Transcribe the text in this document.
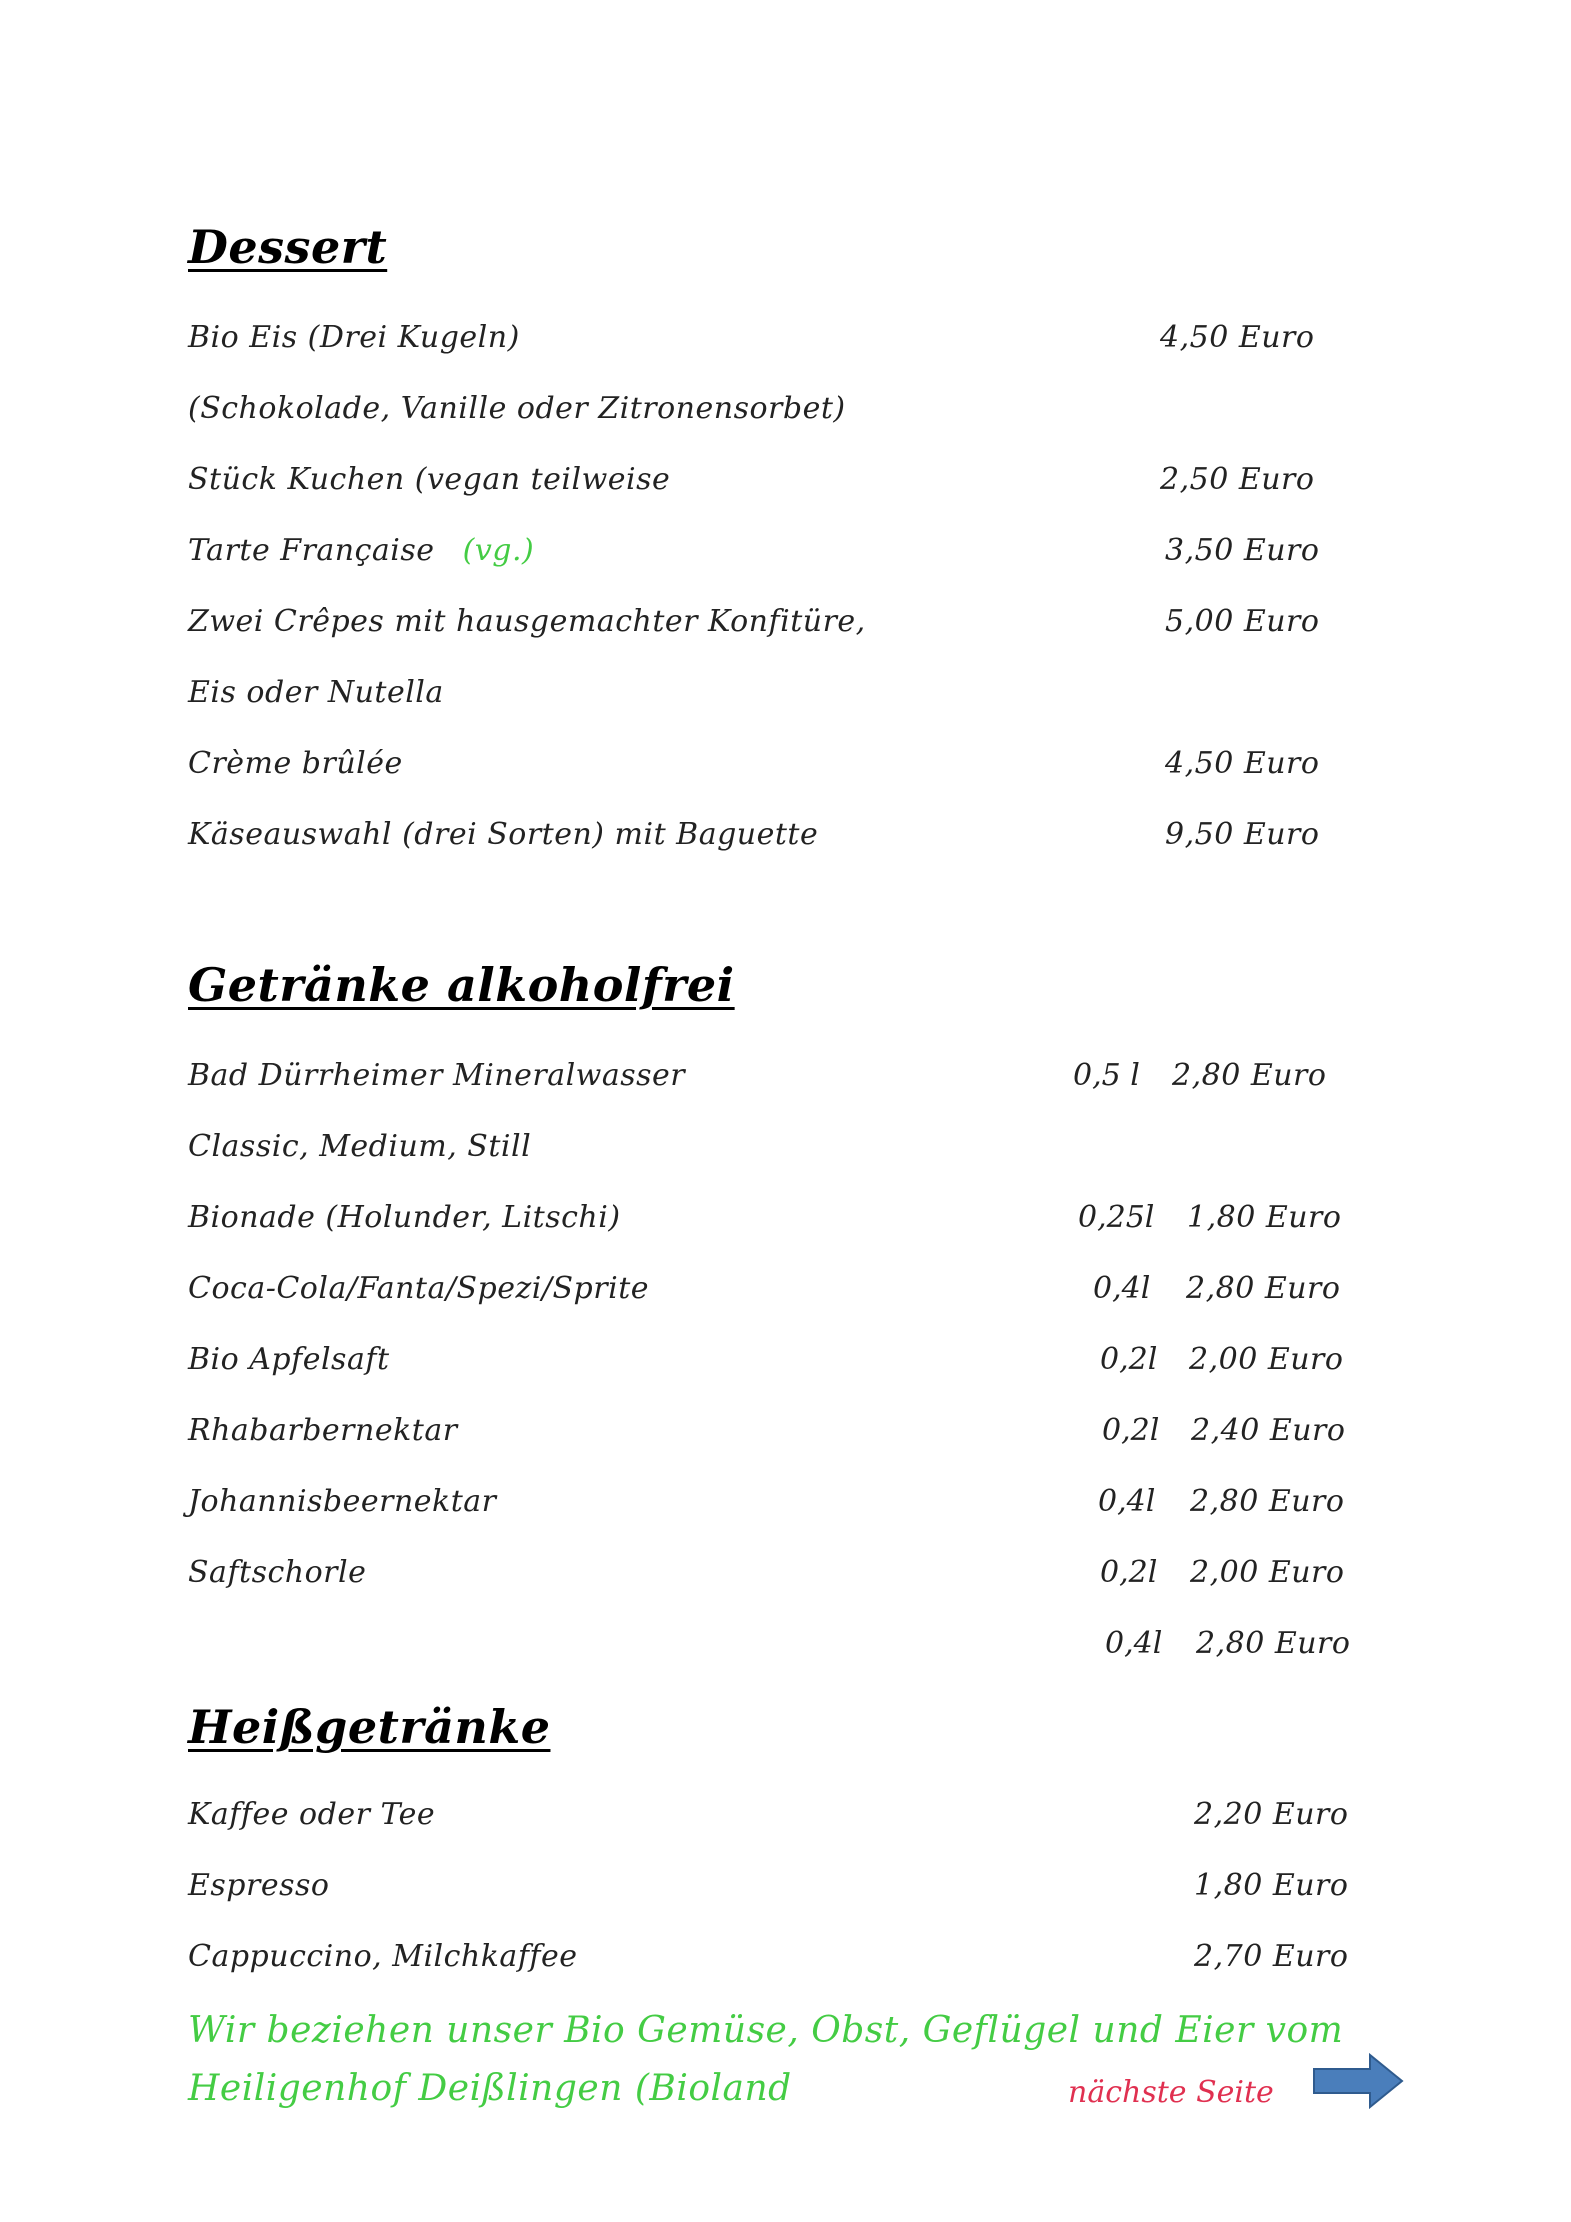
Dessert
Bio Eis (Drei Kugeln)	4,50 Euro
(Schokolade, Vanille oder Zitronensorbet)
Stück Kuchen (vegan teilweise	2,50 Euro
Tarte Française (vg.)	3,50 Euro
Zwei Crêpes mit hausgemachter Konfitüre,	5,00 Euro
Eis oder Nutella
Crème brûlée	4,50 Euro
Käseauswahl (drei Sorten) mit Baguette	9,50 Euro
Getränke alkoholfrei
Bad Dürrheimer Mineralwasser	0,5 l 2,80 Euro
Classic, Medium, Still
Bionade (Holunder, Litschi)	0,25l 1,80 Euro
Coca-Cola/Fanta/Spezi/Sprite	0,4l 2,80 Euro
Bio Apfelsaft	0,2l 2,00 Euro
Rhabarbernektar	0,2l 2,40 Euro
Johannisbeernektar	0,4l 2,80 Euro
Saftschorle	0,2l 2,00 Euro
0,4l 2,80 Euro
Heißgetränke
Kaffee oder Tee	2,20 Euro
Espresso	1,80 Euro
Cappuccino, Milchkaffee	2,70 Euro
Wir beziehen unser Bio Gemüse, Obst, Geflügel und Eier vom
Heiligenhof Deißlingen (Bioland	nächste Seite
